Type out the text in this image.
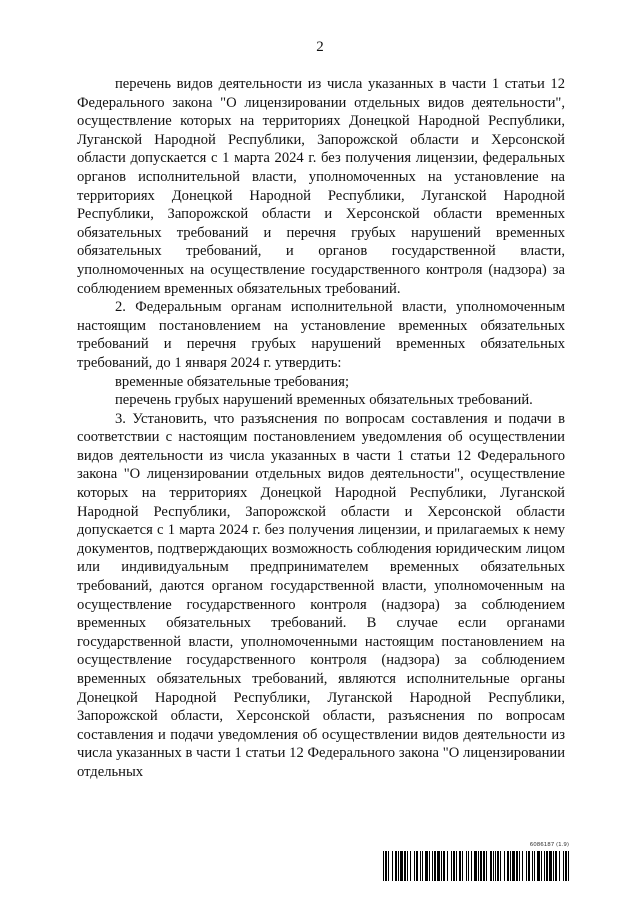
2

перечень видов деятельности из числа указанных в части 1 статьи 12 Федерального закона "О лицензировании отдельных видов деятельности", осуществление которых на территориях Донецкой Народной Республики, Луганской Народной Республики, Запорожской области и Херсонской области допускается с 1 марта 2024 г. без получения лицензии, федеральных органов исполнительной власти, уполномоченных на установление на территориях Донецкой Народной Республики, Луганской Народной Республики, Запорожской области и Херсонской области временных обязательных требований и перечня грубых нарушений временных обязательных требований, и органов государственной власти, уполномоченных на осуществление государственного контроля (надзора) за соблюдением временных обязательных требований.

2. Федеральным органам исполнительной власти, уполномоченным настоящим постановлением на установление временных обязательных требований и перечня грубых нарушений временных обязательных требований, до 1 января 2024 г. утвердить:

временные обязательные требования;

перечень грубых нарушений временных обязательных требований.

3. Установить, что разъяснения по вопросам составления и подачи в соответствии с настоящим постановлением уведомления об осуществлении видов деятельности из числа указанных в части 1 статьи 12 Федерального закона "О лицензировании отдельных видов деятельности", осуществление которых на территориях Донецкой Народной Республики, Луганской Народной Республики, Запорожской области и Херсонской области допускается с 1 марта 2024 г. без получения лицензии, и прилагаемых к нему документов, подтверждающих возможность соблюдения юридическим лицом или индивидуальным предпринимателем временных обязательных требований, даются органом государственной власти, уполномоченным на осуществление государственного контроля (надзора) за соблюдением временных обязательных требований. В случае если органами государственной власти, уполномоченными настоящим постановлением на осуществление государственного контроля (надзора) за соблюдением временных обязательных требований, являются исполнительные органы Донецкой Народной Республики, Луганской Народной Республики, Запорожской области, Херсонской области, разъяснения по вопросам составления и подачи уведомления об осуществлении видов деятельности из числа указанных в части 1 статьи 12 Федерального закона "О лицензировании отдельных

6086187 (1.9)
